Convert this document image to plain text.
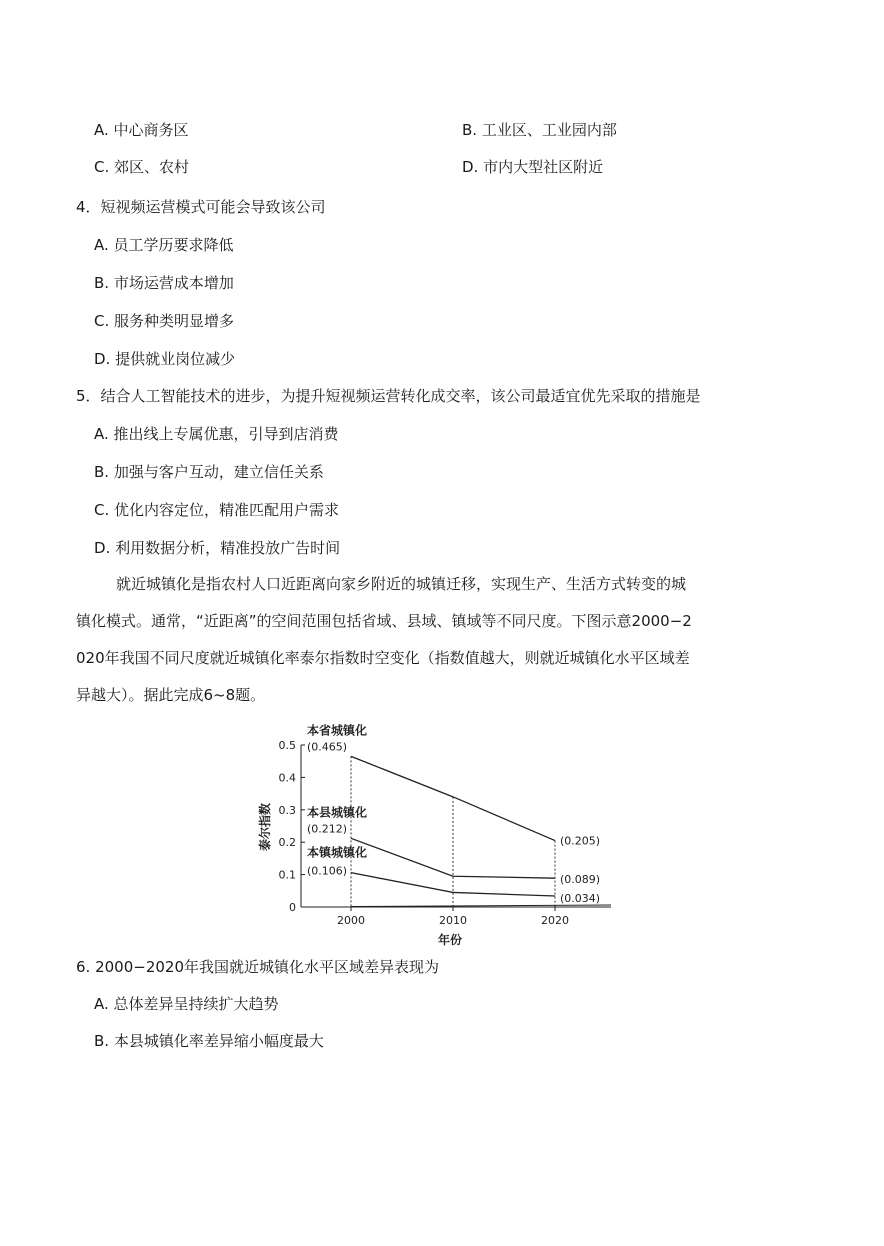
A. 中心商务区	B. 工业区、工业园内部
C. 郊区、农村	D. 市内大型社区附近
4．短视频运营模式可能会导致该公司
A. 员工学历要求降低
B. 市场运营成本增加
C. 服务种类明显增多
D. 提供就业岗位减少
5．结合人工智能技术的进步，为提升短视频运营转化成交率，该公司最适宜优先采取的措施是
A. 推出线上专属优惠，引导到店消费
B. 加强与客户互动，建立信任关系
C. 优化内容定位，精准匹配用户需求
D. 利用数据分析，精准投放广告时间
就近城镇化是指农村人口近距离向家乡附近的城镇迁移，实现生产、生活方式转变的城
镇化模式。通常，“近距离”的空间范围包括省域、县域、镇域等不同尺度。下图示意2000−2
020年我国不同尺度就近城镇化率泰尔指数时空变化（指数值越大，则就近城镇化水平区域差
异越大）。据此完成6~8题。
0
0.1
0.2
0.3
0.4
0.5
2000	2010	2020
本省城镇化
(0.465)
(0.205)
本县城镇化
(0.212)
(0.089)
本镇城镇化
(0.106)
(0.034)
年份
泰尔指数
6. 2000−2020年我国就近城镇化水平区域差异表现为
A. 总体差异呈持续扩大趋势
B. 本县城镇化率差异缩小幅度最大
